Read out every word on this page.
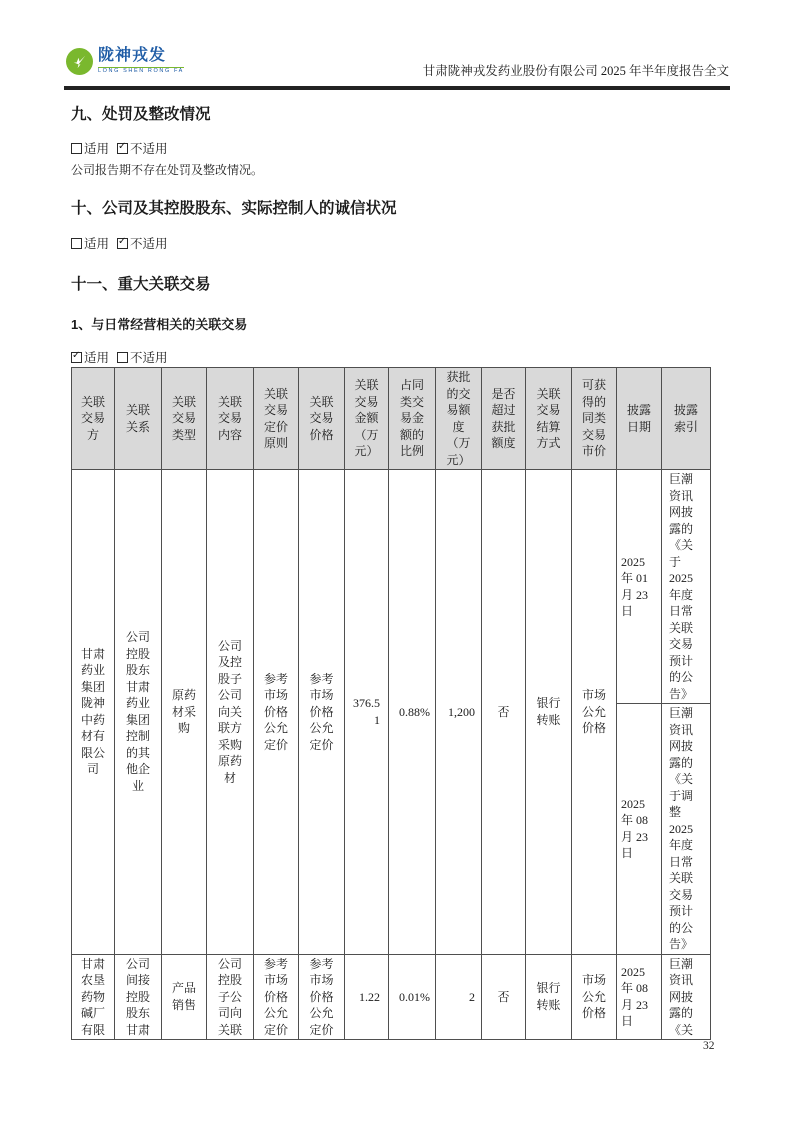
陇神戎发
LONG SHEN RONG FA	甘肃陇神戎发药业股份有限公司 2025 年半年度报告全文
九、处罚及整改情况
适用 ✓ 不适用
公司报告期不存在处罚及整改情况。
十、公司及其控股股东、实际控制人的诚信状况
适用 ✓ 不适用
十一、重大关联交易
1、与日常经营相关的关联交易
✓适用 不适用
关联交易方	关联关系	关联交易类型	关联交易内容	关联交易定价原则	关联交易价格	关联交易金额（万元）	占同类交易金额的比例	获批的交易额度（万元）	是否超过获批额度	关联交易结算方式	可获得的同类交易市价	披露日期	披露索引
甘肃药业集团陇神中药材有限公司	公司控股股东甘肃药业集团控制的其他企业	原药材采购	公司及控股子公司向关联方采购原药材	参考市场价格公允定价	参考市场价格公允定价	376.51	0.88%	1,200	否	银行转账	市场公允价格	2025 年 01 月 23 日	巨潮资讯网披露的《关于 2025 年度日常关联交易预计的公告》
												2025 年 08 月 23 日	巨潮资讯网披露的《关于调整 2025 年度日常关联交易预计的公告》
甘肃农垦药物碱厂有限	公司间接控股股东甘肃	产品销售	公司控股子公司向关联	参考市场价格公允定价	参考市场价格公允定价	1.22	0.01%	2	否	银行转账	市场公允价格	2025 年 08 月 23 日	巨潮资讯网披露的《关
32
